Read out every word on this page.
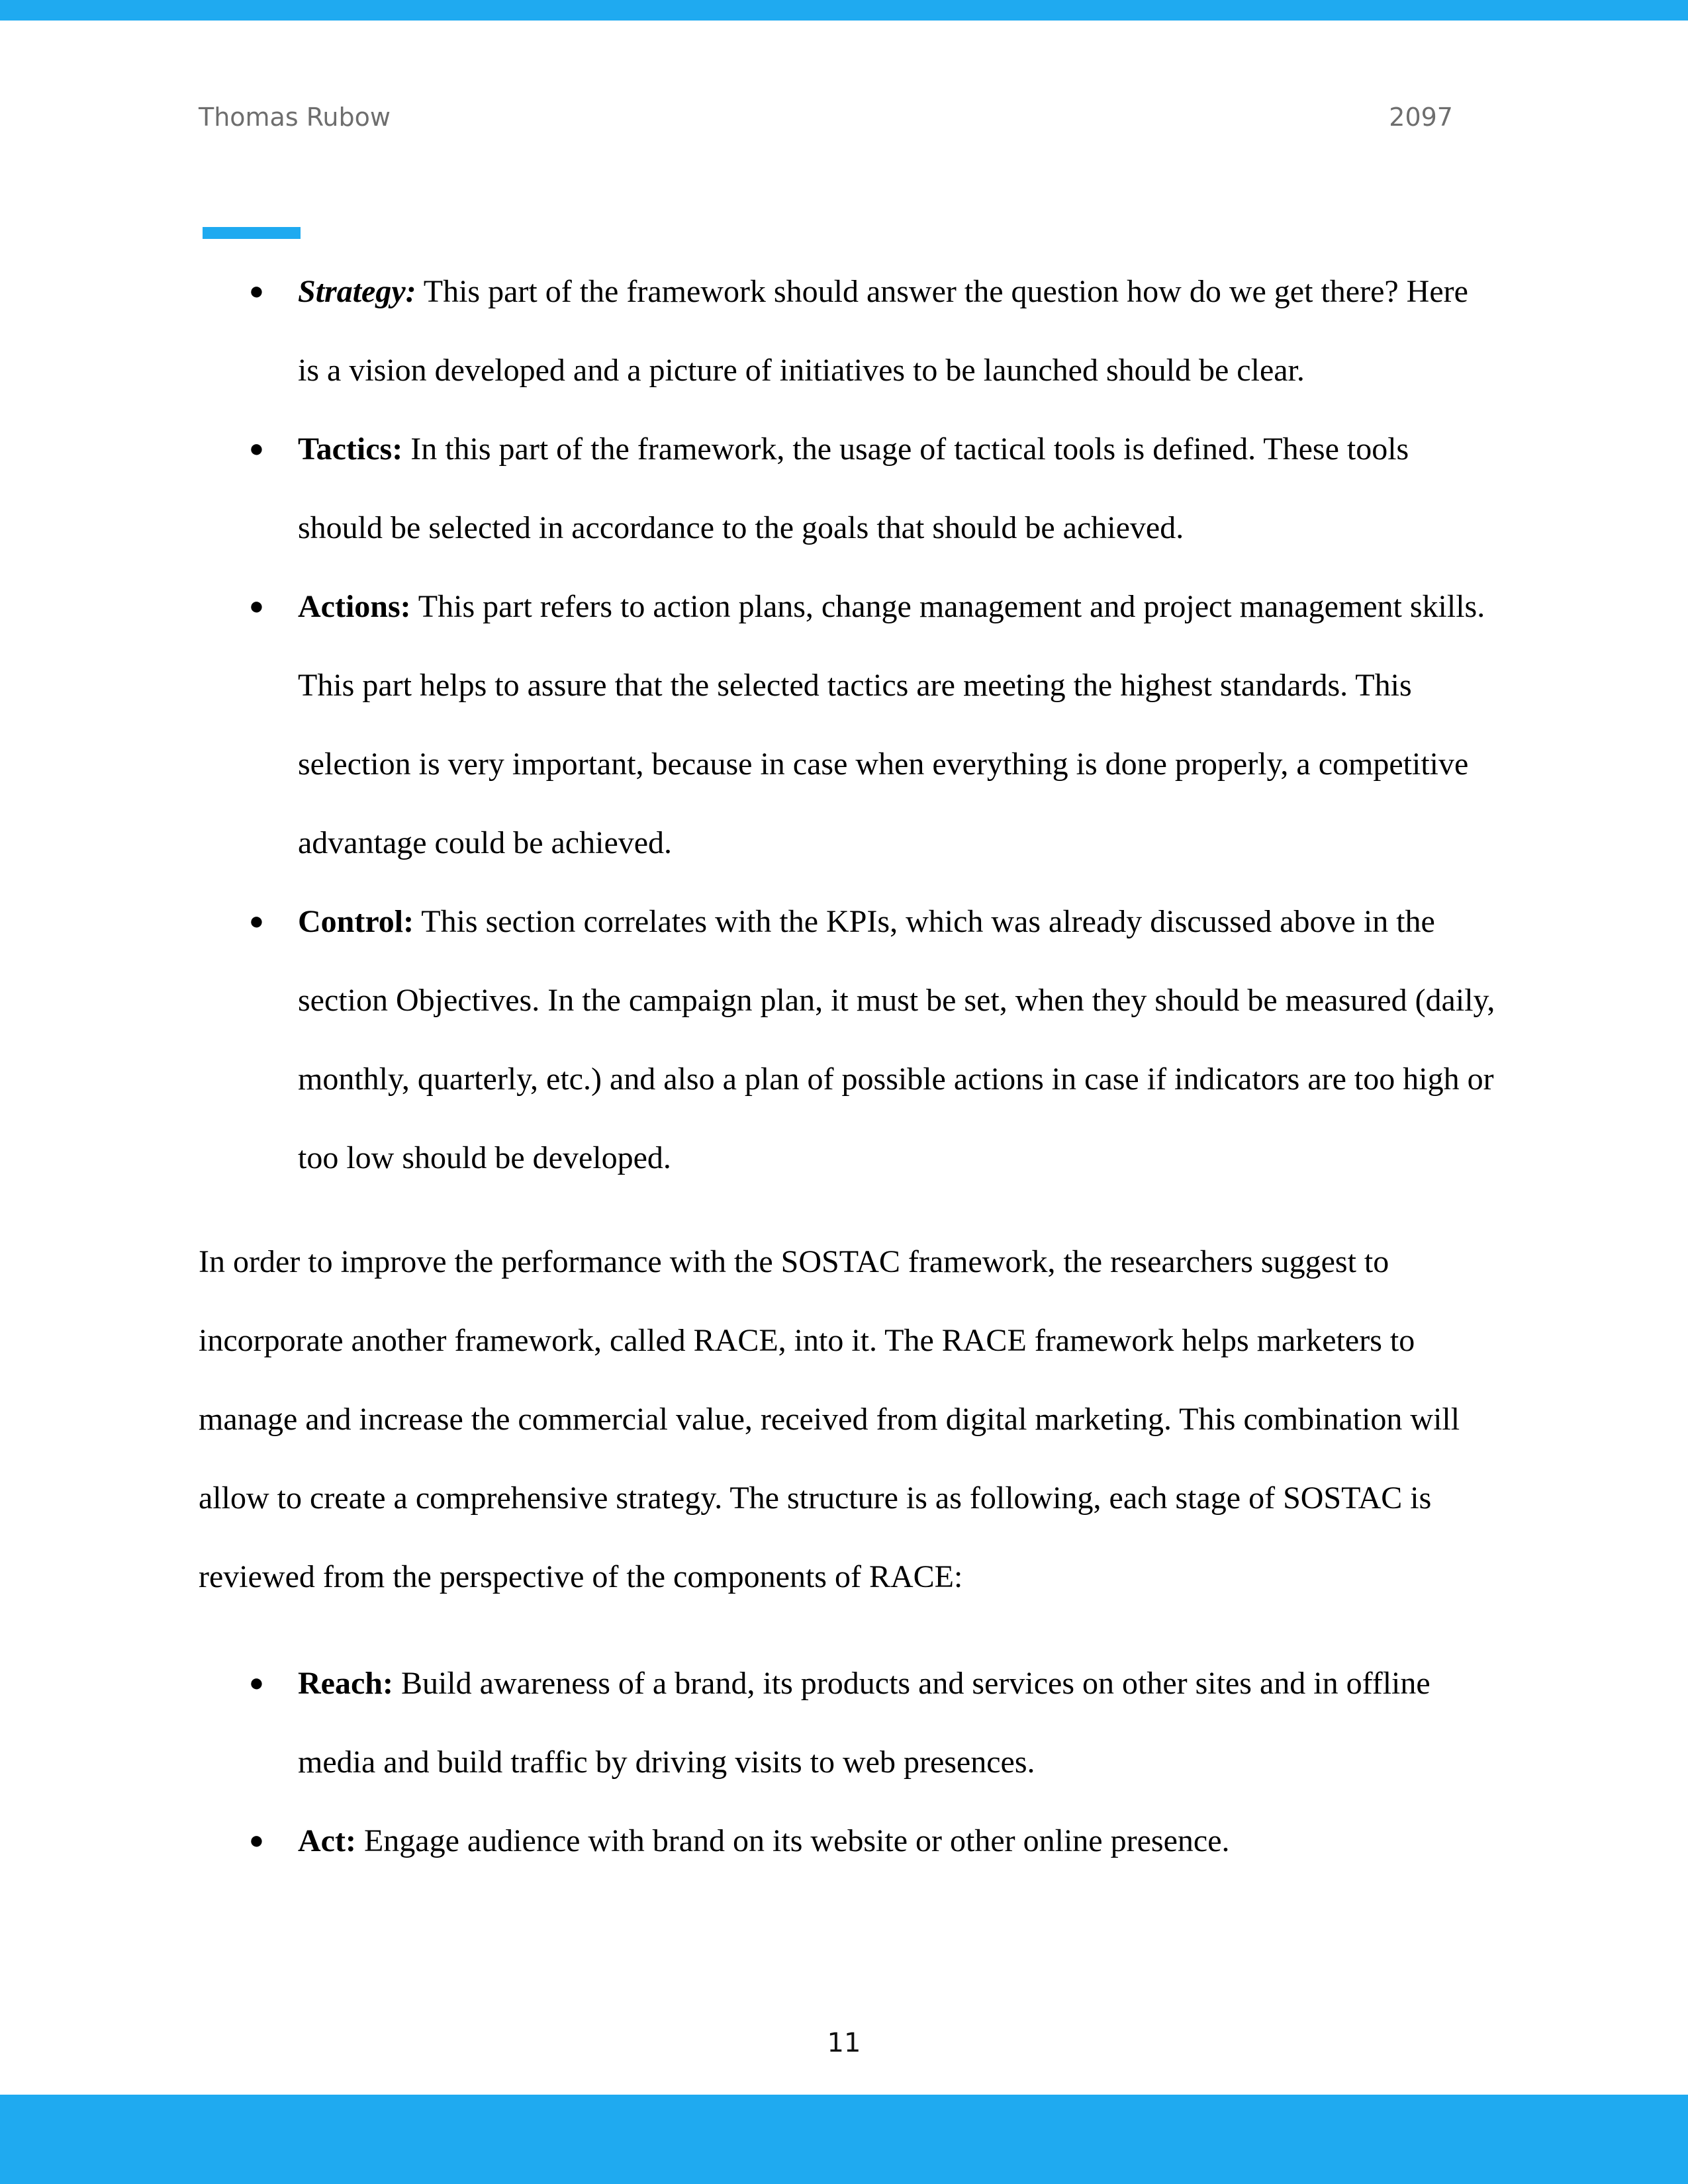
Thomas Rubow	2097
● Strategy: This part of the framework should answer the question how do we get there? Here is a vision developed and a picture of initiatives to be launched should be clear.
● Tactics: In this part of the framework, the usage of tactical tools is defined. These tools should be selected in accordance to the goals that should be achieved.
● Actions: This part refers to action plans, change management and project management skills. This part helps to assure that the selected tactics are meeting the highest standards. This selection is very important, because in case when everything is done properly, a competitive advantage could be achieved.
● Control: This section correlates with the KPIs, which was already discussed above in the section Objectives. In the campaign plan, it must be set, when they should be measured (daily, monthly, quarterly, etc.) and also a plan of possible actions in case if indicators are too high or too low should be developed.

In order to improve the performance with the SOSTAC framework, the researchers suggest to incorporate another framework, called RACE, into it. The RACE framework helps marketers to manage and increase the commercial value, received from digital marketing. This combination will allow to create a comprehensive strategy. The structure is as following, each stage of SOSTAC is reviewed from the perspective of the components of RACE:

● Reach: Build awareness of a brand, its products and services on other sites and in offline media and build traffic by driving visits to web presences.
● Act: Engage audience with brand on its website or other online presence.
11
